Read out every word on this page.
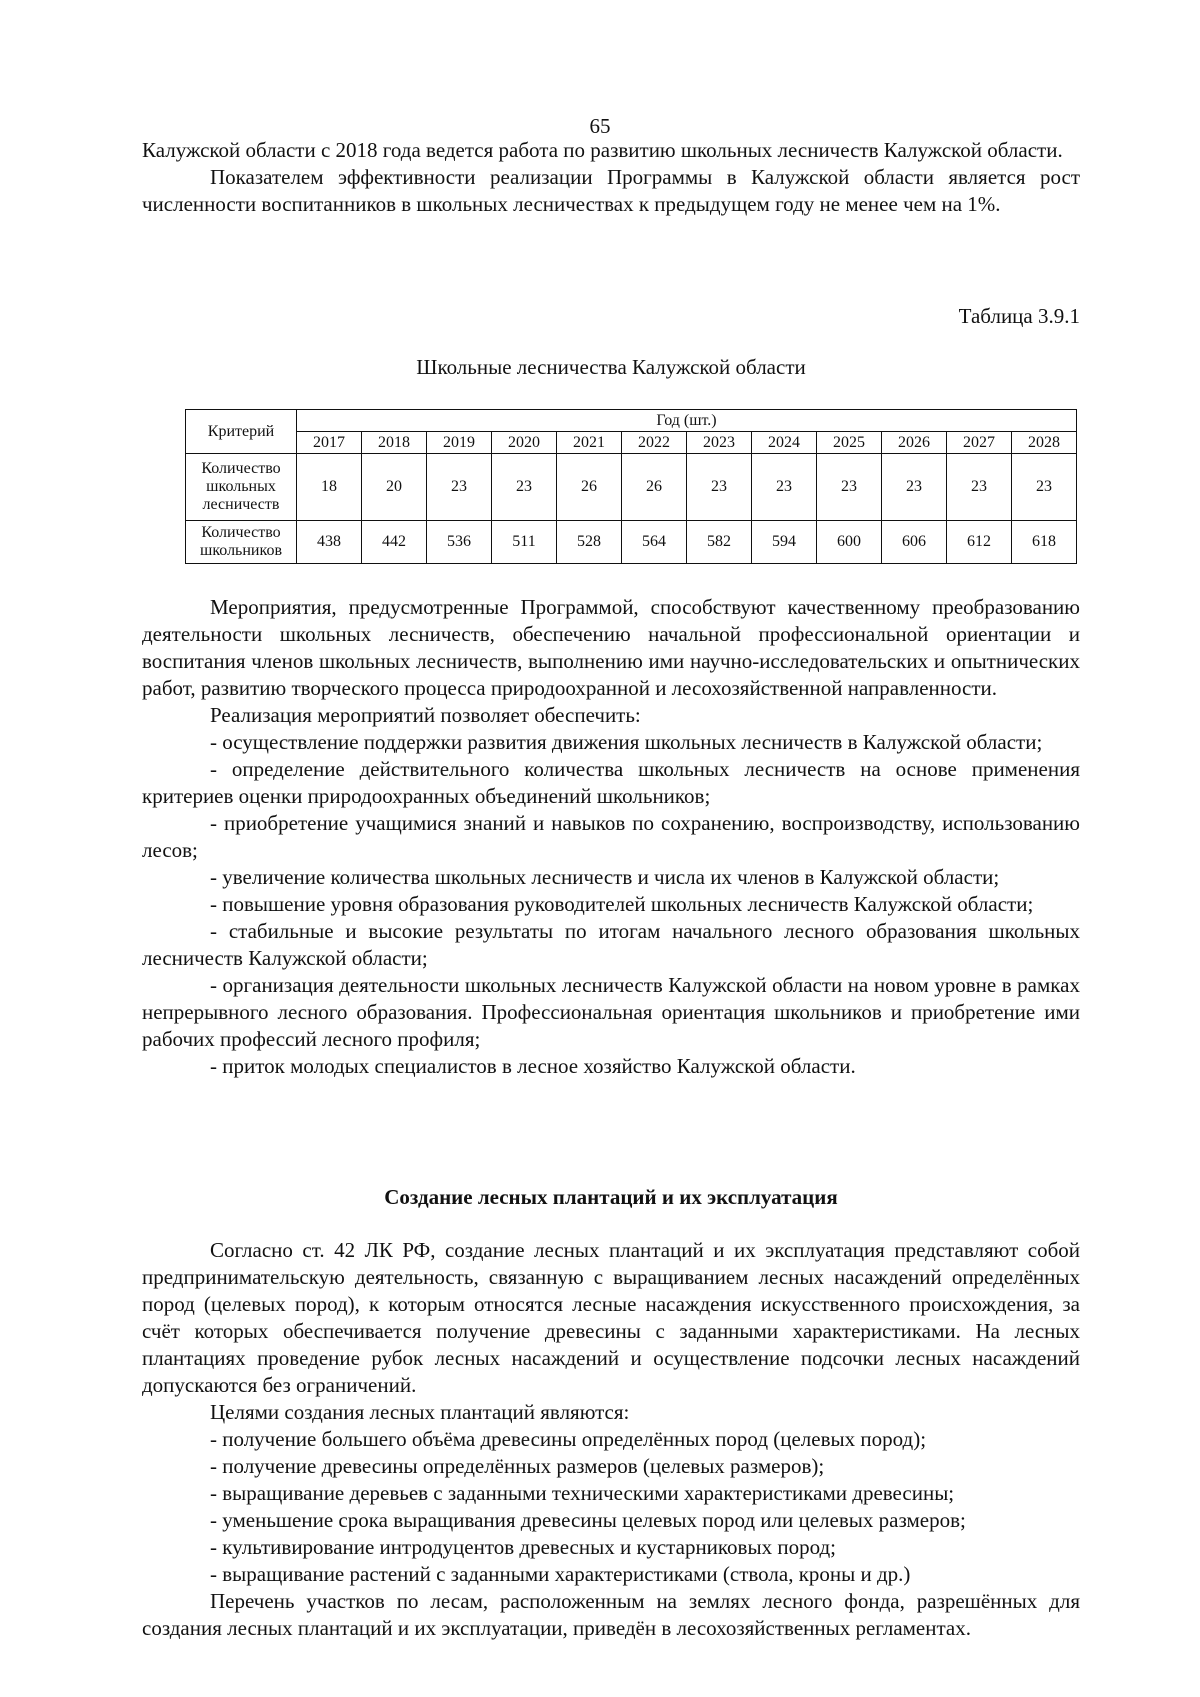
65

Калужской области с 2018 года ведется работа по развитию школьных лесничеств Калужской области.

Показателем эффективности реализации Программы в Калужской области является рост численности воспитанников в школьных лесничествах к предыдущем году не менее чем на 1%.

Таблица 3.9.1
Школьные лесничества Калужской области
Критерий	Год (шт.)											
	2017	2018	2019	2020	2021	2022	2023	2024	2025	2026	2027	2028
Количество школьных лесничеств	18	20	23	23	26	26	23	23	23	23	23	23
Количество школьников	438	442	536	511	528	564	582	594	600	606	612	618

Мероприятия, предусмотренные Программой, способствуют качественному преобразованию деятельности школьных лесничеств, обеспечению начальной профессиональной ориентации и воспитания членов школьных лесничеств, выполнению ими научно-исследовательских и опытнических работ, развитию творческого процесса природоохранной и лесохозяйственной направленности.

Реализация мероприятий позволяет обеспечить:

- осуществление поддержки развития движения школьных лесничеств в Калужской области;

- определение действительного количества школьных лесничеств на основе применения критериев оценки природоохранных объединений школьников;

- приобретение учащимися знаний и навыков по сохранению, воспроизводству, использованию лесов;

- увеличение количества школьных лесничеств и числа их членов в Калужской области;

- повышение уровня образования руководителей школьных лесничеств Калужской области;

- стабильные и высокие результаты по итогам начального лесного образования школьных лесничеств Калужской области;

- организация деятельности школьных лесничеств Калужской области на новом уровне в рамках непрерывного лесного образования. Профессиональная ориентация школьников и приобретение ими рабочих профессий лесного профиля;

- приток молодых специалистов в лесное хозяйство Калужской области.

Создание лесных плантаций и их эксплуатация

Согласно ст. 42 ЛК РФ, создание лесных плантаций и их эксплуатация представляют собой предпринимательскую деятельность, связанную с выращиванием лесных насаждений определённых пород (целевых пород), к которым относятся лесные насаждения искусственного происхождения, за счёт которых обеспечивается получение древесины с заданными характеристиками. На лесных плантациях проведение рубок лесных насаждений и осуществление подсочки лесных насаждений допускаются без ограничений.

Целями создания лесных плантаций являются:

- получение большего объёма древесины определённых пород (целевых пород);

- получение древесины определённых размеров (целевых размеров);

- выращивание деревьев с заданными техническими характеристиками древесины;

- уменьшение срока выращивания древесины целевых пород или целевых размеров;

- культивирование интродуцентов древесных и кустарниковых пород;

- выращивание растений с заданными характеристиками (ствола, кроны и др.)

Перечень участков по лесам, расположенным на землях лесного фонда, разрешённых для создания лесных плантаций и их эксплуатации, приведён в лесохозяйственных регламентах.
